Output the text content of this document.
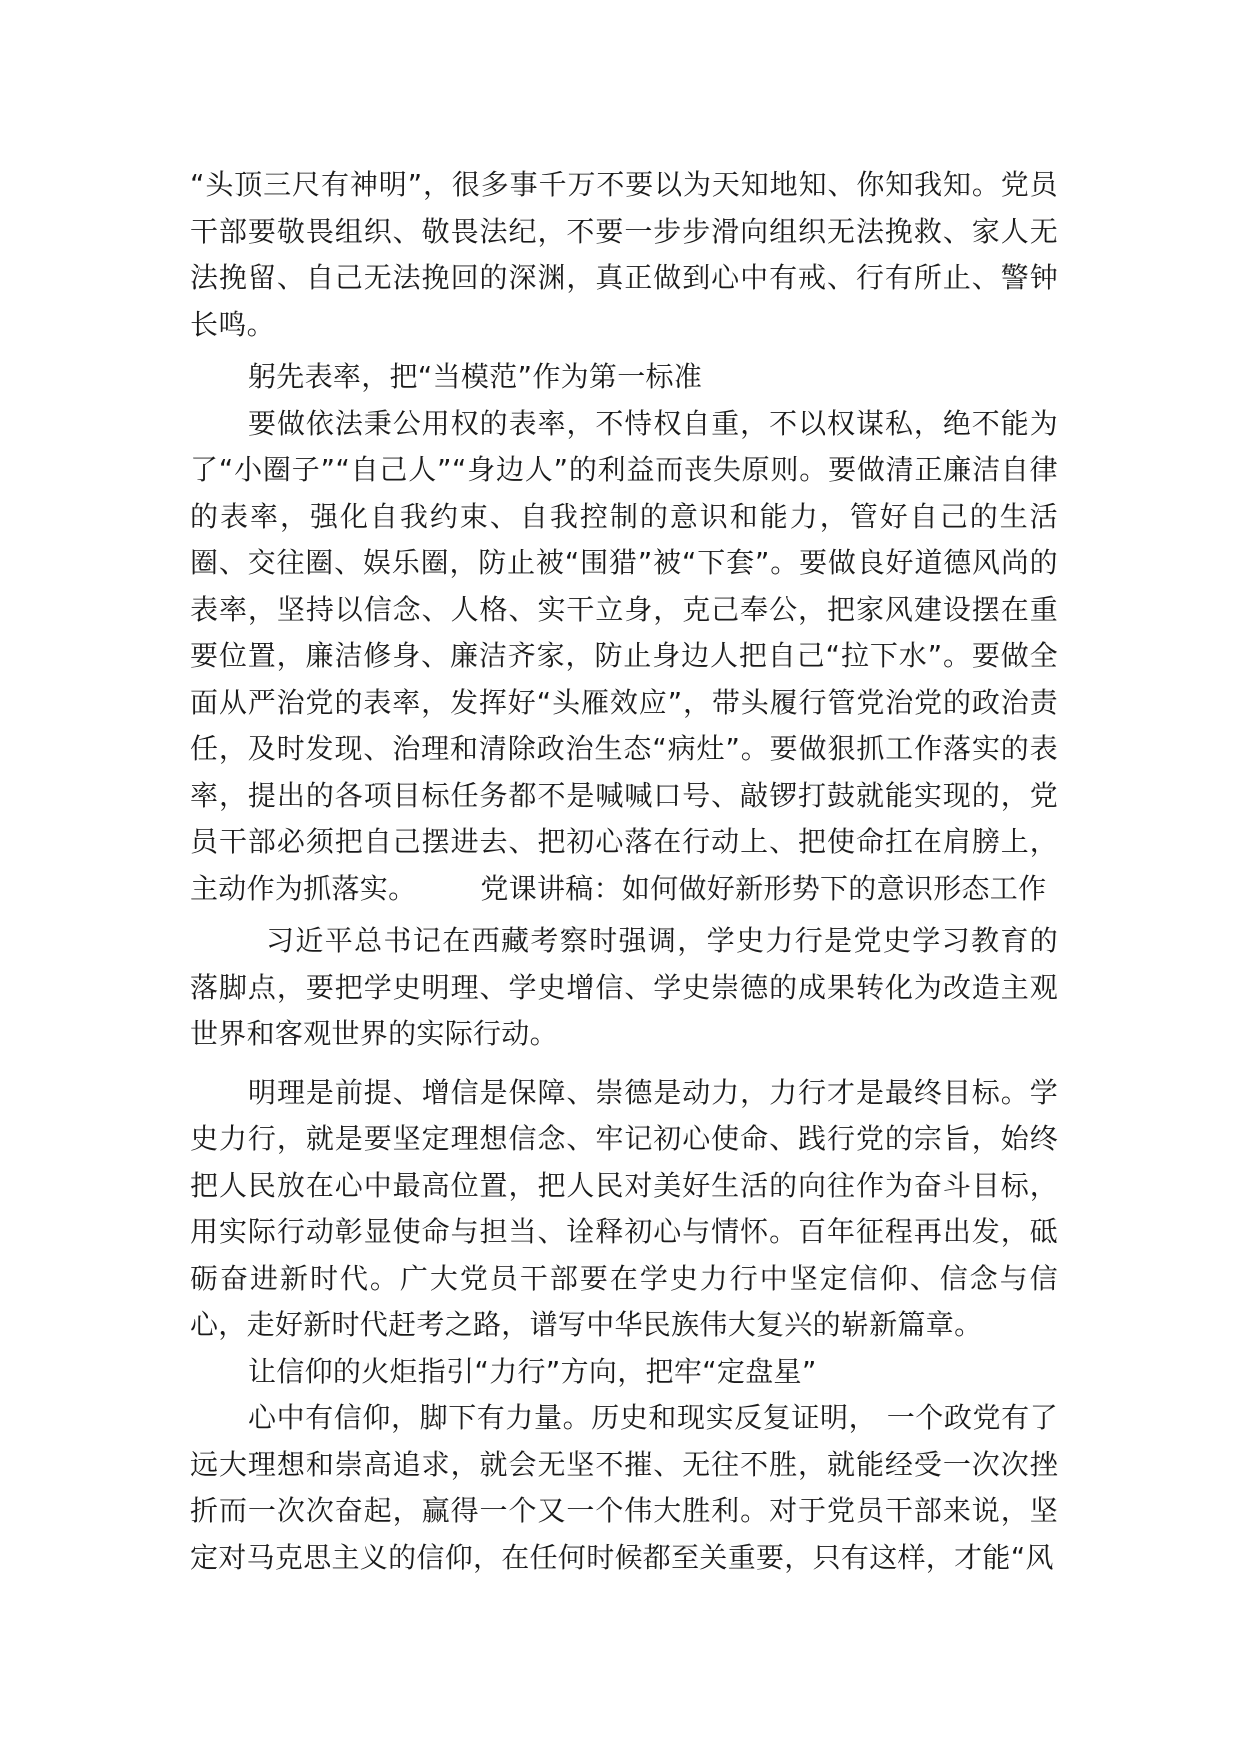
“头顶三尺有神明”，很多事千万不要以为天知地知、你知我知。党员干部要敬畏组织、敬畏法纪，不要一步步滑向组织无法挽救、家人无法挽留、自己无法挽回的深渊，真正做到心中有戒、行有所止、警钟长鸣。

躬先表率，把“当模范”作为第一标准

要做依法秉公用权的表率，不恃权自重，不以权谋私，绝不能为了“小圈子”“自己人”“身边人”的利益而丧失原则。要做清正廉洁自律的表率，强化自我约束、自我控制的意识和能力，管好自己的生活圈、交往圈、娱乐圈，防止被“围猎”被“下套”。要做良好道德风尚的表率，坚持以信念、人格、实干立身，克己奉公，把家风建设摆在重要位置，廉洁修身、廉洁齐家，防止身边人把自己“拉下水”。要做全面从严治党的表率，发挥好“头雁效应”，带头履行管党治党的政治责任，及时发现、治理和清除政治生态“病灶”。要做狠抓工作落实的表率，提出的各项目标任务都不是喊喊口号、敲锣打鼓就能实现的，党员干部必须把自己摆进去、把初心落在行动上、把使命扛在肩膀上，主动作为抓落实。 党课讲稿：如何做好新形势下的意识形态工作

习近平总书记在西藏考察时强调，学史力行是党史学习教育的落脚点，要把学史明理、学史增信、学史崇德的成果转化为改造主观世界和客观世界的实际行动。

明理是前提、增信是保障、崇德是动力，力行才是最终目标。学史力行，就是要坚定理想信念、牢记初心使命、践行党的宗旨，始终把人民放在心中最高位置，把人民对美好生活的向往作为奋斗目标，用实际行动彰显使命与担当、诠释初心与情怀。百年征程再出发，砥砺奋进新时代。广大党员干部要在学史力行中坚定信仰、信念与信心，走好新时代赶考之路，谱写中华民族伟大复兴的崭新篇章。

让信仰的火炬指引“力行”方向，把牢“定盘星”

心中有信仰，脚下有力量。历史和现实反复证明， 一个政党有了远大理想和崇高追求，就会无坚不摧、无往不胜，就能经受一次次挫折而一次次奋起，赢得一个又一个伟大胜利。对于党员干部来说，坚定对马克思主义的信仰，在任何时候都至关重要，只有这样，才能“风
